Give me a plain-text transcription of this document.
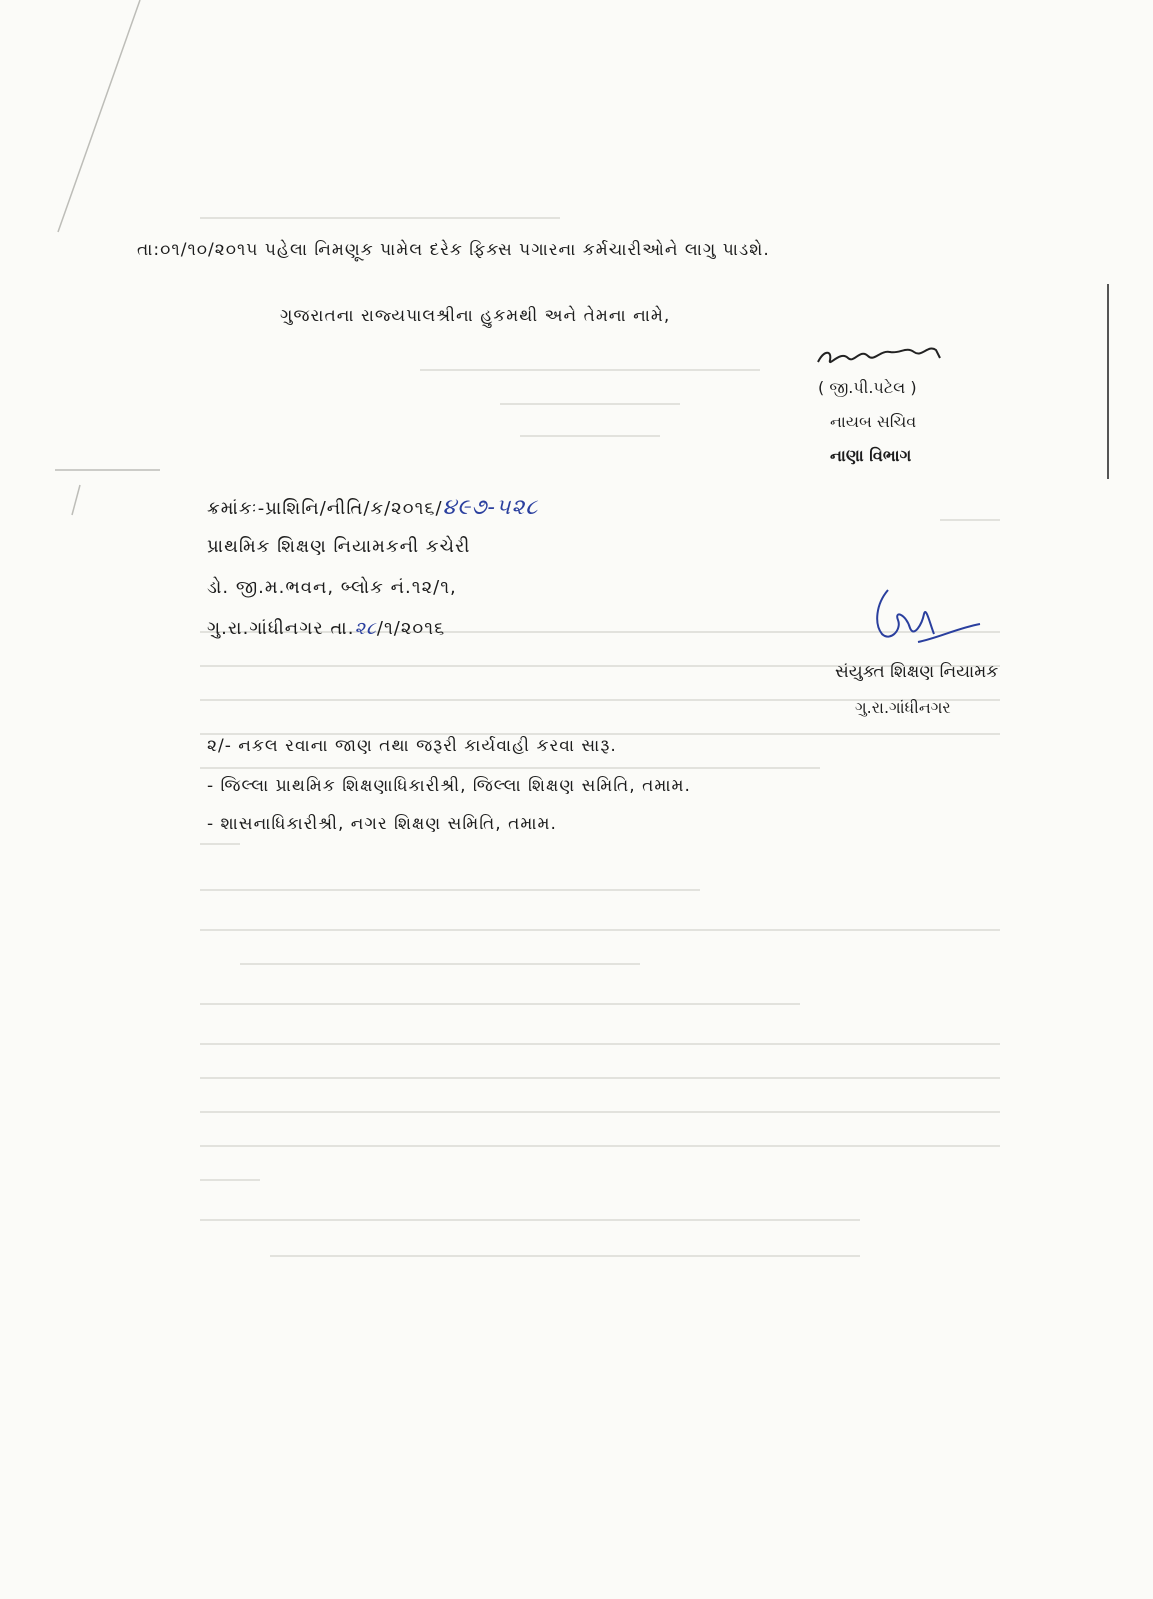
તા:૦૧/૧૦/૨૦૧૫ પહેલા નિમણૂક પામેલ દરેક ફિક્સ પગારના કર્મચારીઓને લાગુ પાડશે.
ગુજરાતના રાજ્યપાલશ્રીના હુકમથી અને તેમના નામે,
( જી.પી.પટેલ )
નાયબ સચિવ
નાણા વિભાગ
ક્રમાંકઃ-પ્રાશિનિ/નીતિ/ક/૨૦૧૬/૪૯૭-૫૨૮
પ્રાથમિક શિક્ષણ નિયામકની કચેરી
ડો. જી.મ.ભવન, બ્લોક નં.૧૨/૧,
ગુ.રા.ગાંધીનગર તા.૨૮/૧/૨૦૧૬
સંયુક્ત શિક્ષણ નિયામક
ગુ.રા.ગાંધીનગર
૨/- નકલ રવાના જાણ તથા જરૂરી કાર્યવાહી કરવા સારૂ.
- જિલ્લા પ્રાથમિક શિક્ષણાધિકારીશ્રી, જિલ્લા શિક્ષણ સમિતિ, તમામ.
- શાસનાધિકારીશ્રી, નગર શિક્ષણ સમિતિ, તમામ.
